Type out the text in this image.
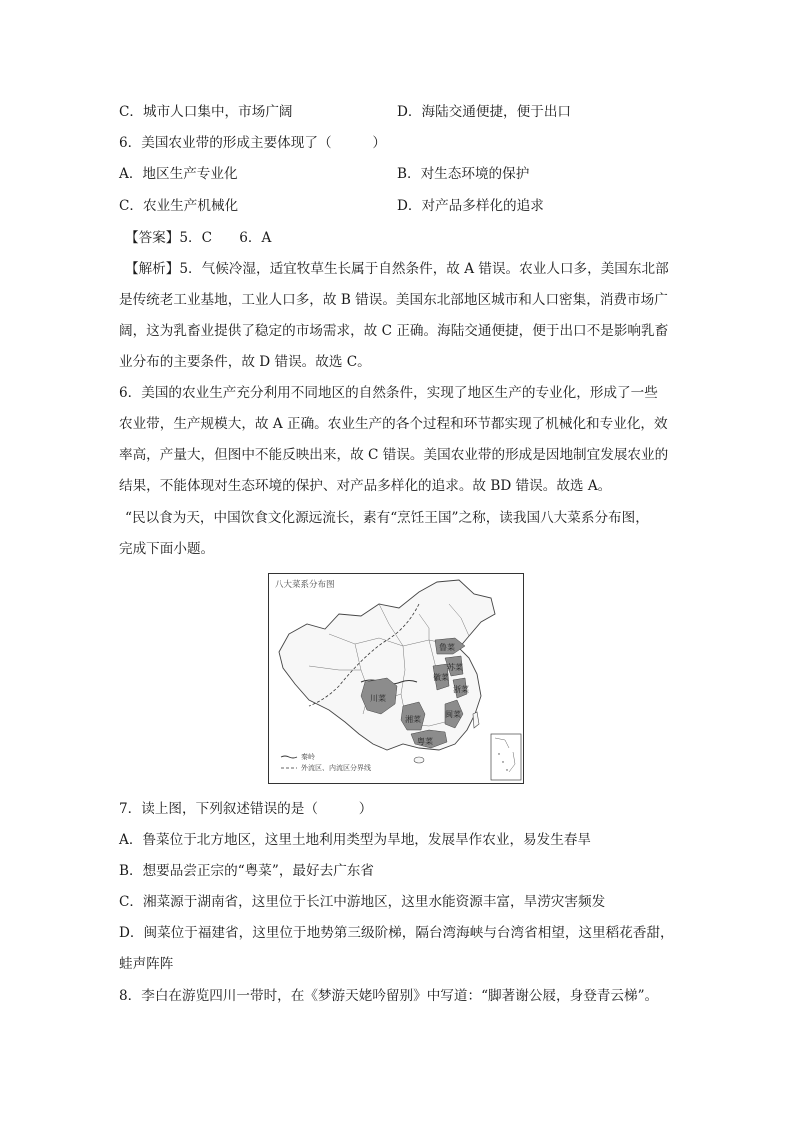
C．城市人口集中，市场广阔	D．海陆交通便捷，便于出口
6．美国农业带的形成主要体现了（　　　）
A．地区生产专业化	B．对生态环境的保护
C．农业生产机械化	D．对产品多样化的追求
【答案】5．C　　6．A
【解析】5．气候冷湿，适宜牧草生长属于自然条件，故 A 错误。农业人口多，美国东北部
是传统老工业基地，工业人口多，故 B 错误。美国东北部地区城市和人口密集，消费市场广
阔，这为乳畜业提供了稳定的市场需求，故 C 正确。海陆交通便捷，便于出口不是影响乳畜
业分布的主要条件，故 D 错误。故选 C。
6．美国的农业生产充分利用不同地区的自然条件，实现了地区生产的专业化，形成了一些
农业带，生产规模大，故 A 正确。农业生产的各个过程和环节都实现了机械化和专业化，效
率高，产量大，但图中不能反映出来，故 C 错误。美国农业带的形成是因地制宜发展农业的
结果，不能体现对生态环境的保护、对产品多样化的追求。故 BD 错误。故选 A。
“民以食为天，中国饮食文化源远流长，素有“烹饪王国”之称，读我国八大菜系分布图，
完成下面小题。
八大菜系分布图
川菜
湘菜
粤菜
闽菜
浙菜
苏菜
徽菜
鲁菜
秦岭
外流区、内流区分界线
7．读上图，下列叙述错误的是（　　　）
A．鲁菜位于北方地区，这里土地利用类型为旱地，发展旱作农业，易发生春旱
B．想要品尝正宗的“粤菜”，最好去广东省
C．湘菜源于湖南省，这里位于长江中游地区，这里水能资源丰富，旱涝灾害频发
D．闽菜位于福建省，这里位于地势第三级阶梯，隔台湾海峡与台湾省相望，这里稻花香甜，
蛙声阵阵
8．李白在游览四川一带时，在《梦游天姥吟留别》中写道：“脚著谢公屐，身登青云梯”。
